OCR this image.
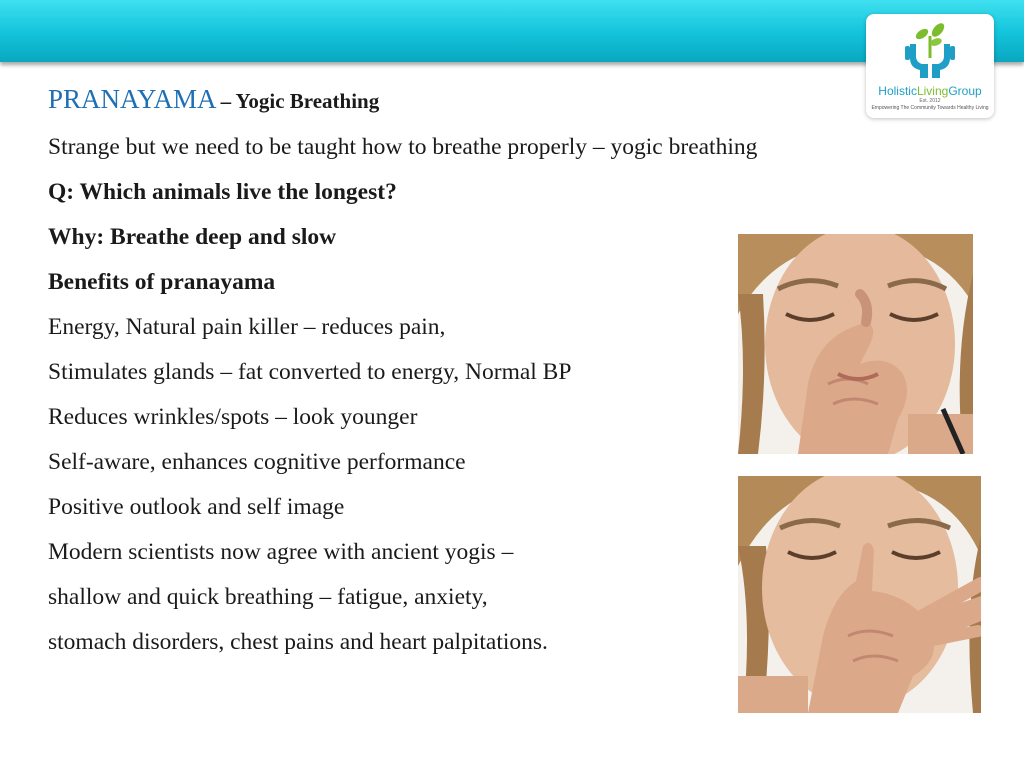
HolisticLivingGroup
Est. 2012
Empowering The Community Towards Healthy Living

PRANAYAMA – Yogic Breathing

Strange but we need to be taught how to breathe properly – yogic breathing

Q: Which animals live the longest?

Why: Breathe deep and slow

Benefits of pranayama

Energy, Natural pain killer – reduces pain,

Stimulates glands – fat converted to energy, Normal BP

Reduces wrinkles/spots – look younger

Self-aware, enhances cognitive performance

Positive outlook and self image

Modern scientists now agree with ancient yogis –

shallow and quick breathing – fatigue, anxiety,

stomach disorders, chest pains and heart palpitations.
